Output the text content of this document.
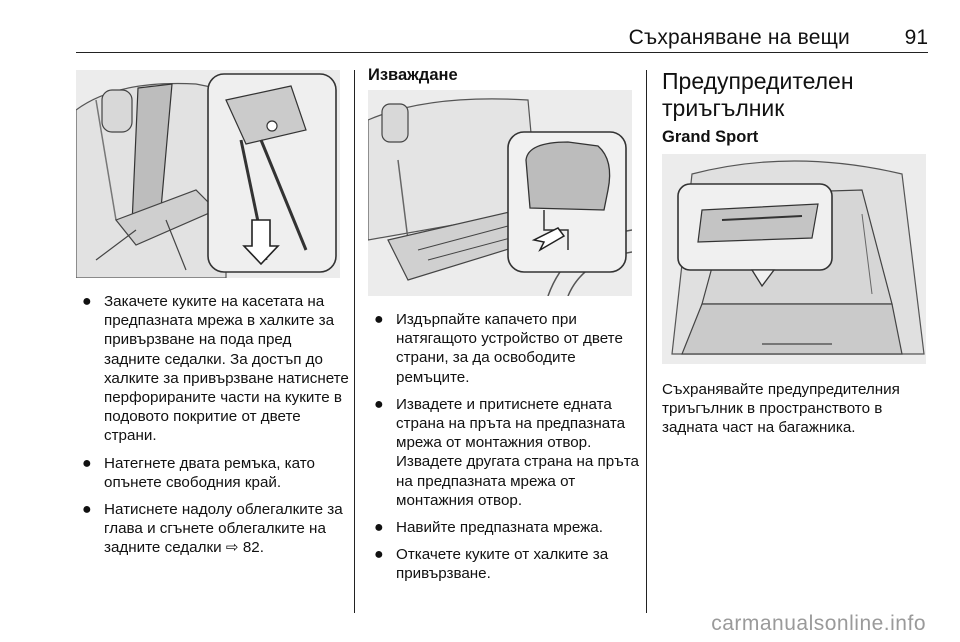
Съхраняване на вещи	91
● Закачете куките на касетата на предпазната мрежа в халките за привързване на пода пред задните седалки. За достъп до халките за привързване натиснете перфорираните части на куките в подовото покритие от двете страни.
● Натегнете двата ремъка, като опънете свободния край.
● Натиснете надолу облегалките за глава и сгънете облегалките на задните седалки ⇨ 82.
Изваждане
● Издърпайте капачето при натягащото устройство от двете страни, за да освободите ремъците.
● Извадете и притиснете едната страна на пръта на предпазната мрежа от монтажния отвор. Извадете другата страна на пръта на предпазната мрежа от монтажния отвор.
● Навийте предпазната мрежа.
● Откачете куките от халките за привързване.
Предупредителен триъгълник
Grand Sport
Съхранявайте предупредителния триъгълник в пространството в задната част на багажника.
carmanualsonline.info
